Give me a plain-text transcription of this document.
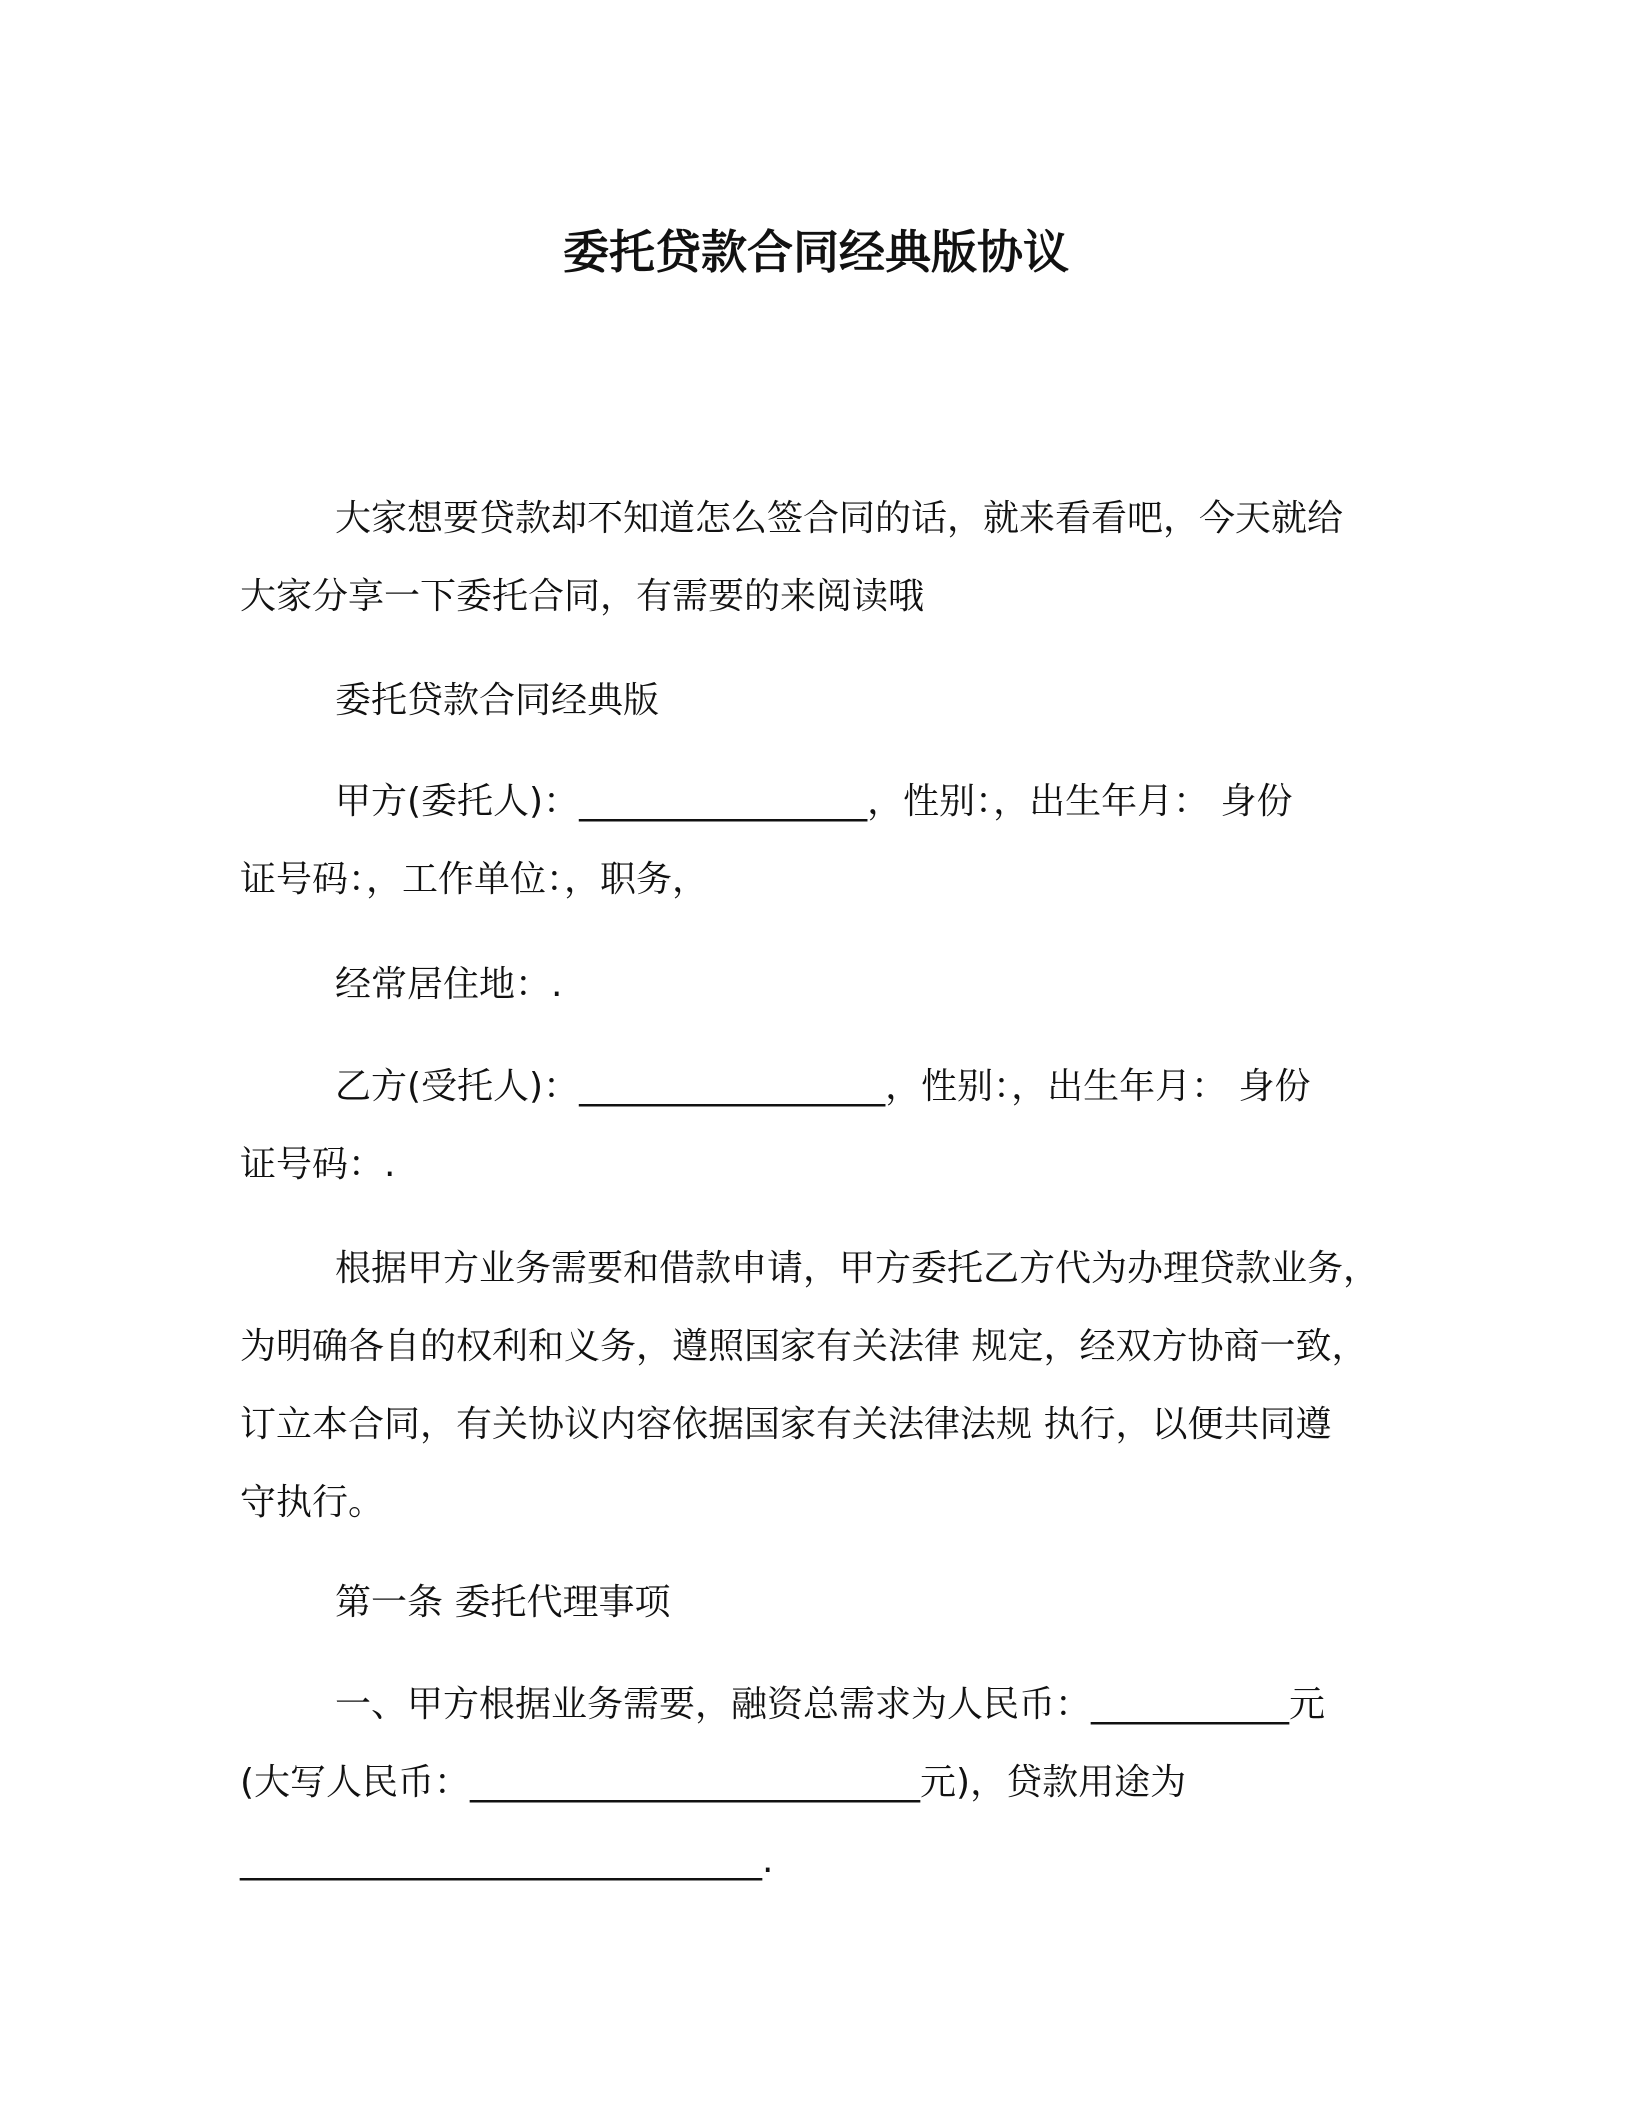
委托贷款合同经典版协议
大家想要贷款却不知道怎么签合同的话，就来看看吧，今天就给
大家分享一下委托合同，有需要的来阅读哦
委托贷款合同经典版
甲方(委托人)：________________，性别：，出生年月： 身份
证号码：，工作单位：，职务，
经常居住地：.
乙方(受托人)：_________________，性别：，出生年月： 身份
证号码：.
根据甲方业务需要和借款申请，甲方委托乙方代为办理贷款业务，
为明确各自的权利和义务，遵照国家有关法律 规定，经双方协商一致，
订立本合同，有关协议内容依据国家有关法律法规 执行，以便共同遵
守执行。
第一条 委托代理事项
一、甲方根据业务需要，融资总需求为人民币：___________元
(大写人民币：_________________________元)，贷款用途为
_____________________________.
